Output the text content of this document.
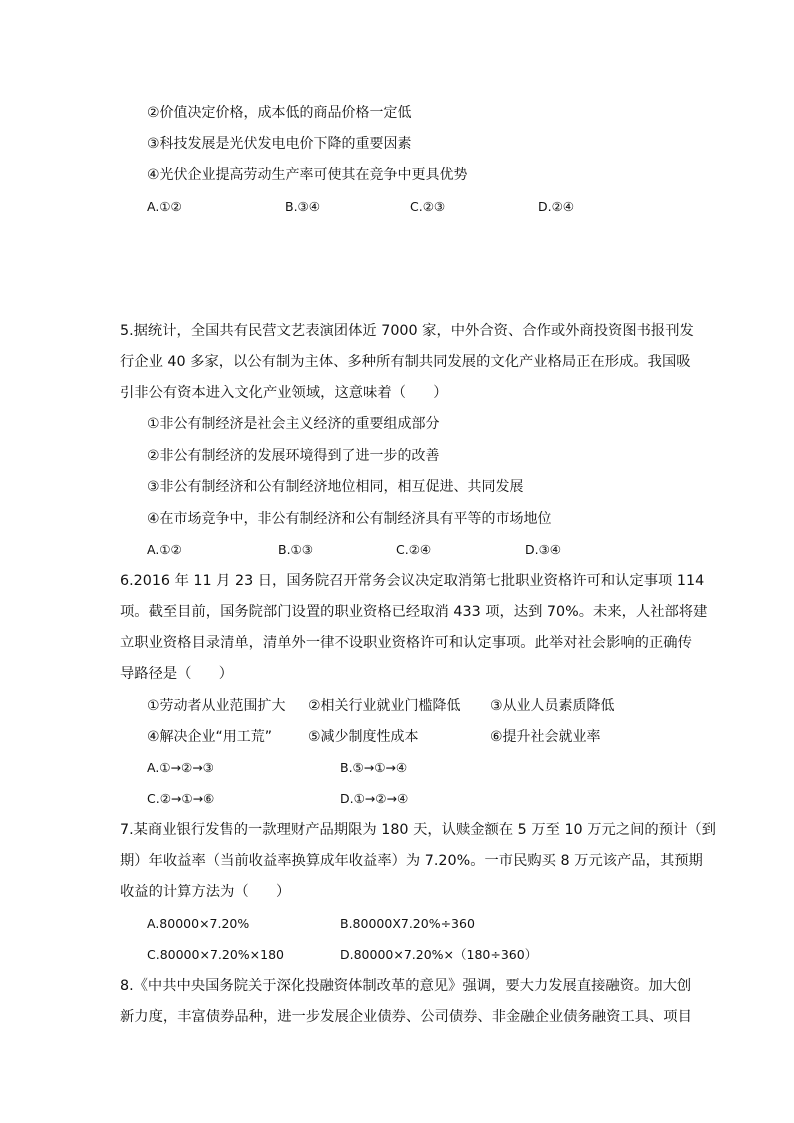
②价值决定价格，成本低的商品价格一定低
③科技发展是光伏发电电价下降的重要因素
④光伏企业提高劳动生产率可使其在竞争中更具优势
A.①②	B.③④	C.②③	D.②④
5.据统计，全国共有民营文艺表演团体近 7000 家，中外合资、合作或外商投资图书报刊发
行企业 40 多家，以公有制为主体、多种所有制共同发展的文化产业格局正在形成。我国吸
引非公有资本进入文化产业领域，这意味着（      ）
①非公有制经济是社会主义经济的重要组成部分
②非公有制经济的发展环境得到了进一步的改善
③非公有制经济和公有制经济地位相同，相互促进、共同发展
④在市场竞争中，非公有制经济和公有制经济具有平等的市场地位
A.①②	B.①③	C.②④	D.③④
6.2016 年 11 月 23 日，国务院召开常务会议决定取消第七批职业资格许可和认定事项 114
项。截至目前，国务院部门设置的职业资格已经取消 433 项，达到 70%。未来，人社部将建
立职业资格目录清单，清单外一律不设职业资格许可和认定事项。此举对社会影响的正确传
导路径是（      ）
①劳动者从业范围扩大 ②相关行业就业门槛降低 ③从业人员素质降低
④解决企业“用工荒”	⑤减少制度性成本	⑥提升社会就业率
A.①→②→③	B.⑤→①→④
C.②→①→⑥	D.①→②→④
7.某商业银行发售的一款理财产品期限为 180 天，认赎金额在 5 万至 10 万元之间的预计（到
期）年收益率（当前收益率换算成年收益率）为 7.20%。一市民购买 8 万元该产品，其预期
收益的计算方法为（      ）
A.80000×7.20%	B.80000X7.20%÷360
C.80000×7.20%×180	D.80000×7.20%×（180÷360）
8.《中共中央国务院关于深化投融资体制改革的意见》强调，要大力发展直接融资。加大创
新力度，丰富债券品种，进一步发展企业债券、公司债券、非金融企业债务融资工具、项目
